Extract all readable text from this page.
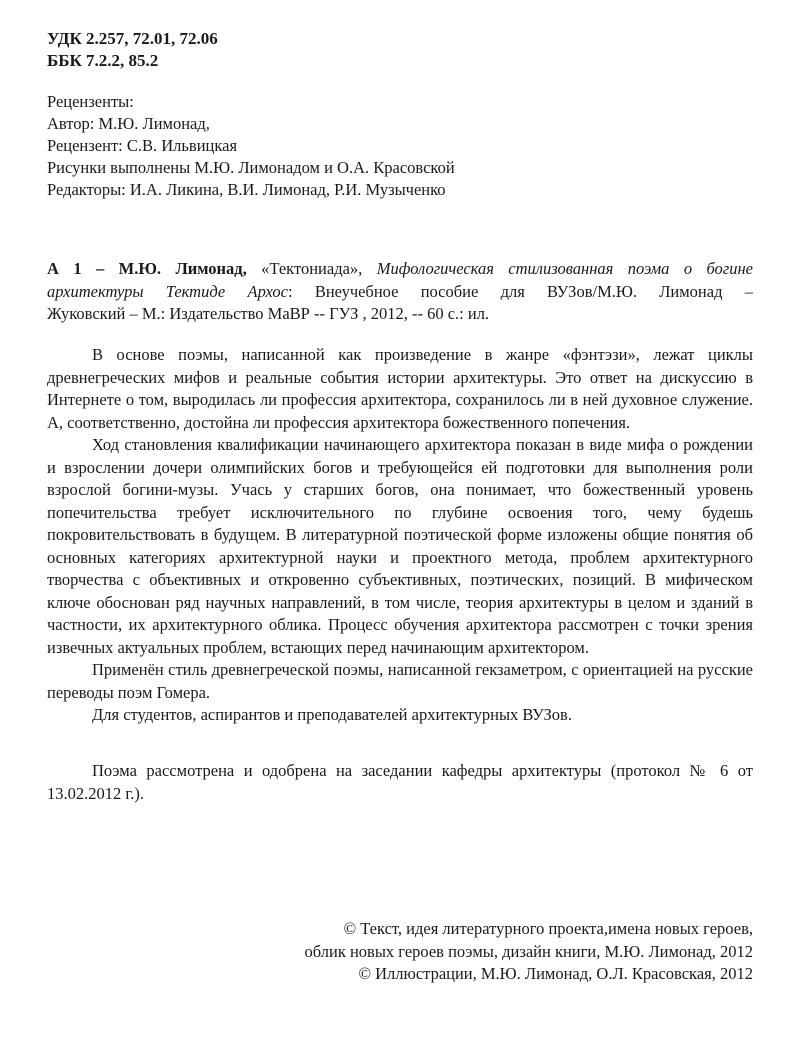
УДК 2.257, 72.01, 72.06
ББК 7.2.2, 85.2
Рецензенты:
Автор: М.Ю. Лимонад,
Рецензент: С.В. Ильвицкая
Рисунки выполнены М.Ю. Лимонадом и О.А. Красовской
Редакторы: И.А. Ликина, В.И. Лимонад, Р.И. Музыченко
А 1 – М.Ю. Лимонад, «Тектониада», Мифологическая стилизованная поэма о богине
архитектуры Тектиде Архос: Внеучебное пособие для ВУЗов/М.Ю. Лимонад –
Жуковский – М.: Издательство МаВР -- ГУЗ , 2012, -- 60 с.: ил.

В основе поэмы, написанной как произведение в жанре «фэнтэзи», лежат циклы древнегреческих мифов и реальные события истории архитектуры. Это ответ на дискуссию в Интернете о том, выродилась ли профессия архитектора, сохранилось ли в ней духовное служение. А, соответственно, достойна ли профессия архитектора божественного попечения.

Ход становления квалификации начинающего архитектора показан в виде мифа о рождении и взрослении дочери олимпийских богов и требующейся ей подготовки для выполнения роли взрослой богини-музы. Учась у старших богов, она понимает, что божественный уровень попечительства требует исключительного по глубине освоения того, чему будешь покровительствовать в будущем. В литературной поэтической форме изложены общие понятия об основных категориях архитектурной науки и проектного метода, проблем архитектурного творчества с объективных и откровенно субъективных, поэтических, позиций. В мифическом ключе обоснован ряд научных направлений, в том числе, теория архитектуры в целом и зданий в частности, их архитектурного облика. Процесс обучения архитектора рассмотрен с точки зрения извечных актуальных проблем, встающих перед начинающим архитектором.

Применён стиль древнегреческой поэмы, написанной гекзаметром, с ориентацией на русские переводы поэм Гомера.

Для студентов, аспирантов и преподавателей архитектурных ВУЗов.

Поэма рассмотрена и одобрена на заседании кафедры архитектуры (протокол № 6 от 13.02.2012 г.).

© Текст, идея литературного проекта,имена новых героев,
облик новых героев поэмы, дизайн книги, М.Ю. Лимонад, 2012
© Иллюстрации, М.Ю. Лимонад, О.Л. Красовская, 2012
